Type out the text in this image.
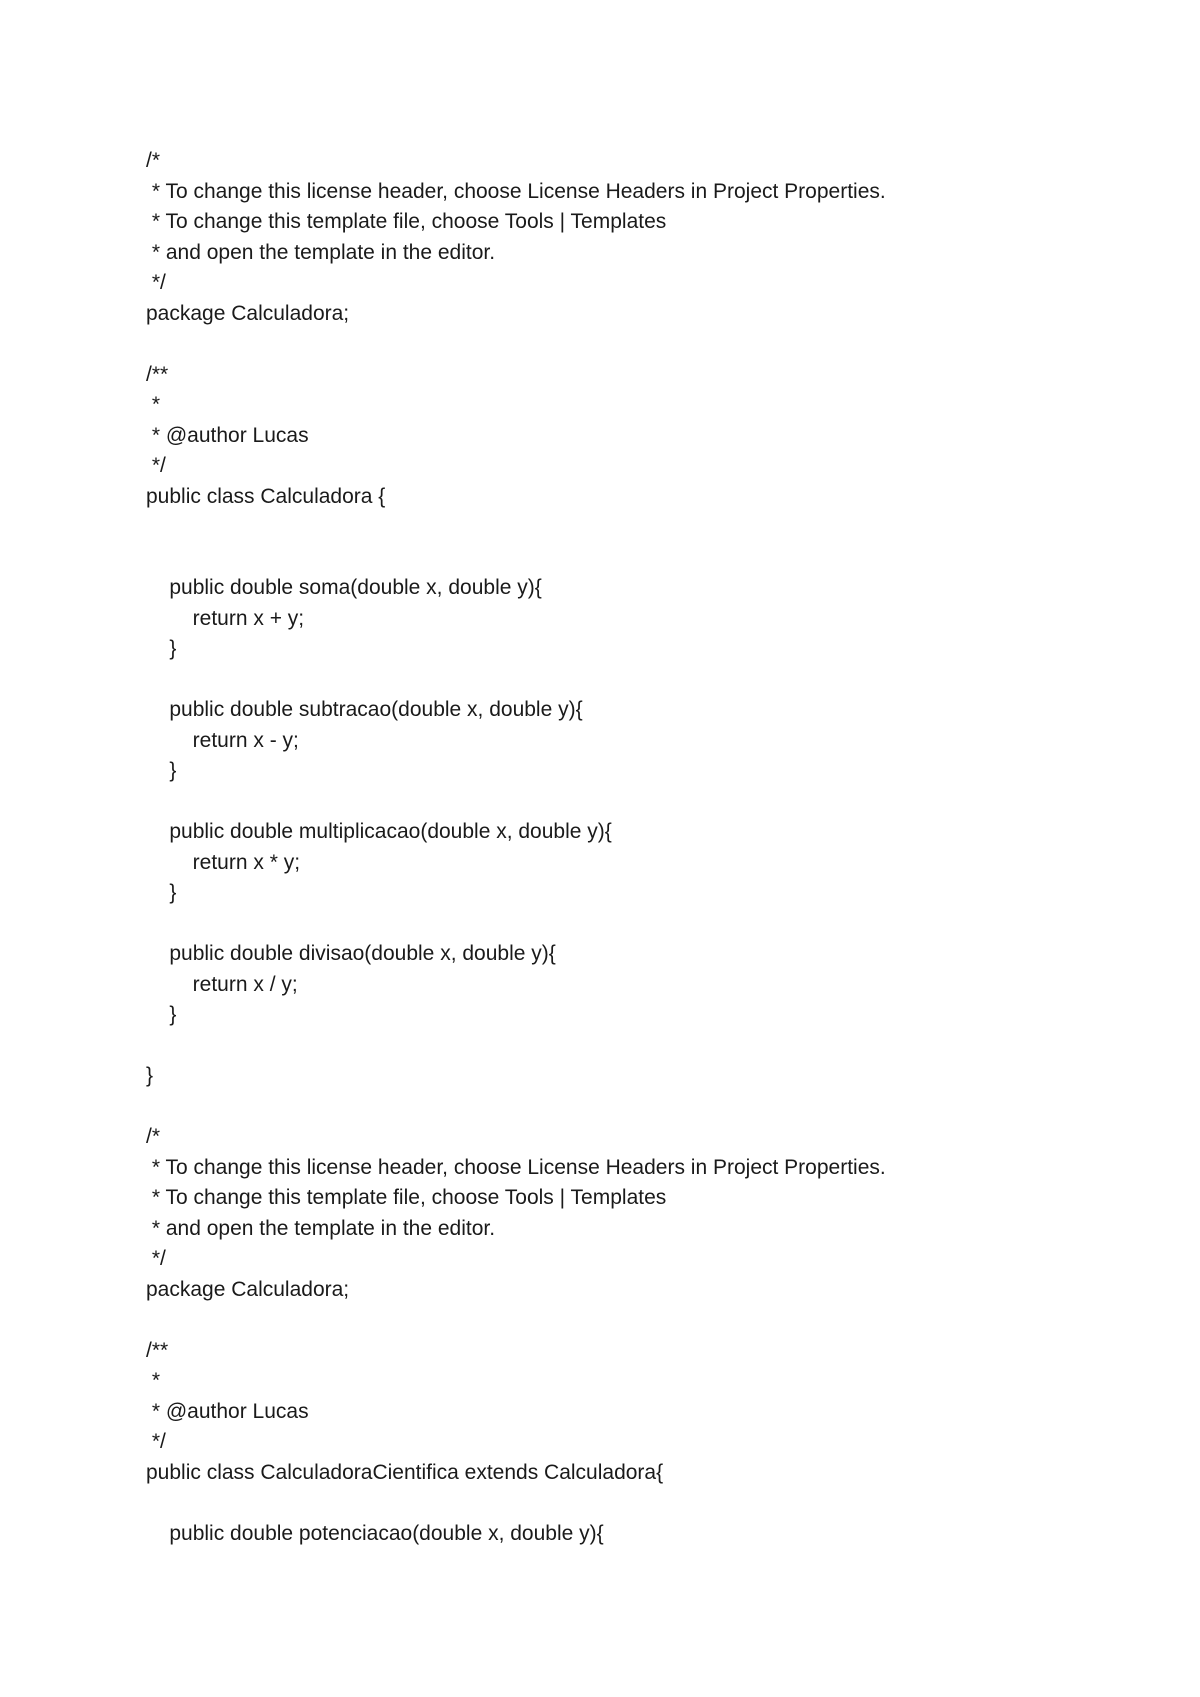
/*
* To change this license header, choose License Headers in Project Properties.
* To change this template file, choose Tools | Templates
* and open the template in the editor.
*/
package Calculadora;
/**
*
* @author Lucas
*/
public class Calculadora {
public double soma(double x, double y){
return x + y;
}
public double subtracao(double x, double y){
return x - y;
}
public double multiplicacao(double x, double y){
return x * y;
}
public double divisao(double x, double y){
return x / y;
}
}
/*
* To change this license header, choose License Headers in Project Properties.
* To change this template file, choose Tools | Templates
* and open the template in the editor.
*/
package Calculadora;
/**
*
* @author Lucas
*/
public class CalculadoraCientifica extends Calculadora{
public double potenciacao(double x, double y){
